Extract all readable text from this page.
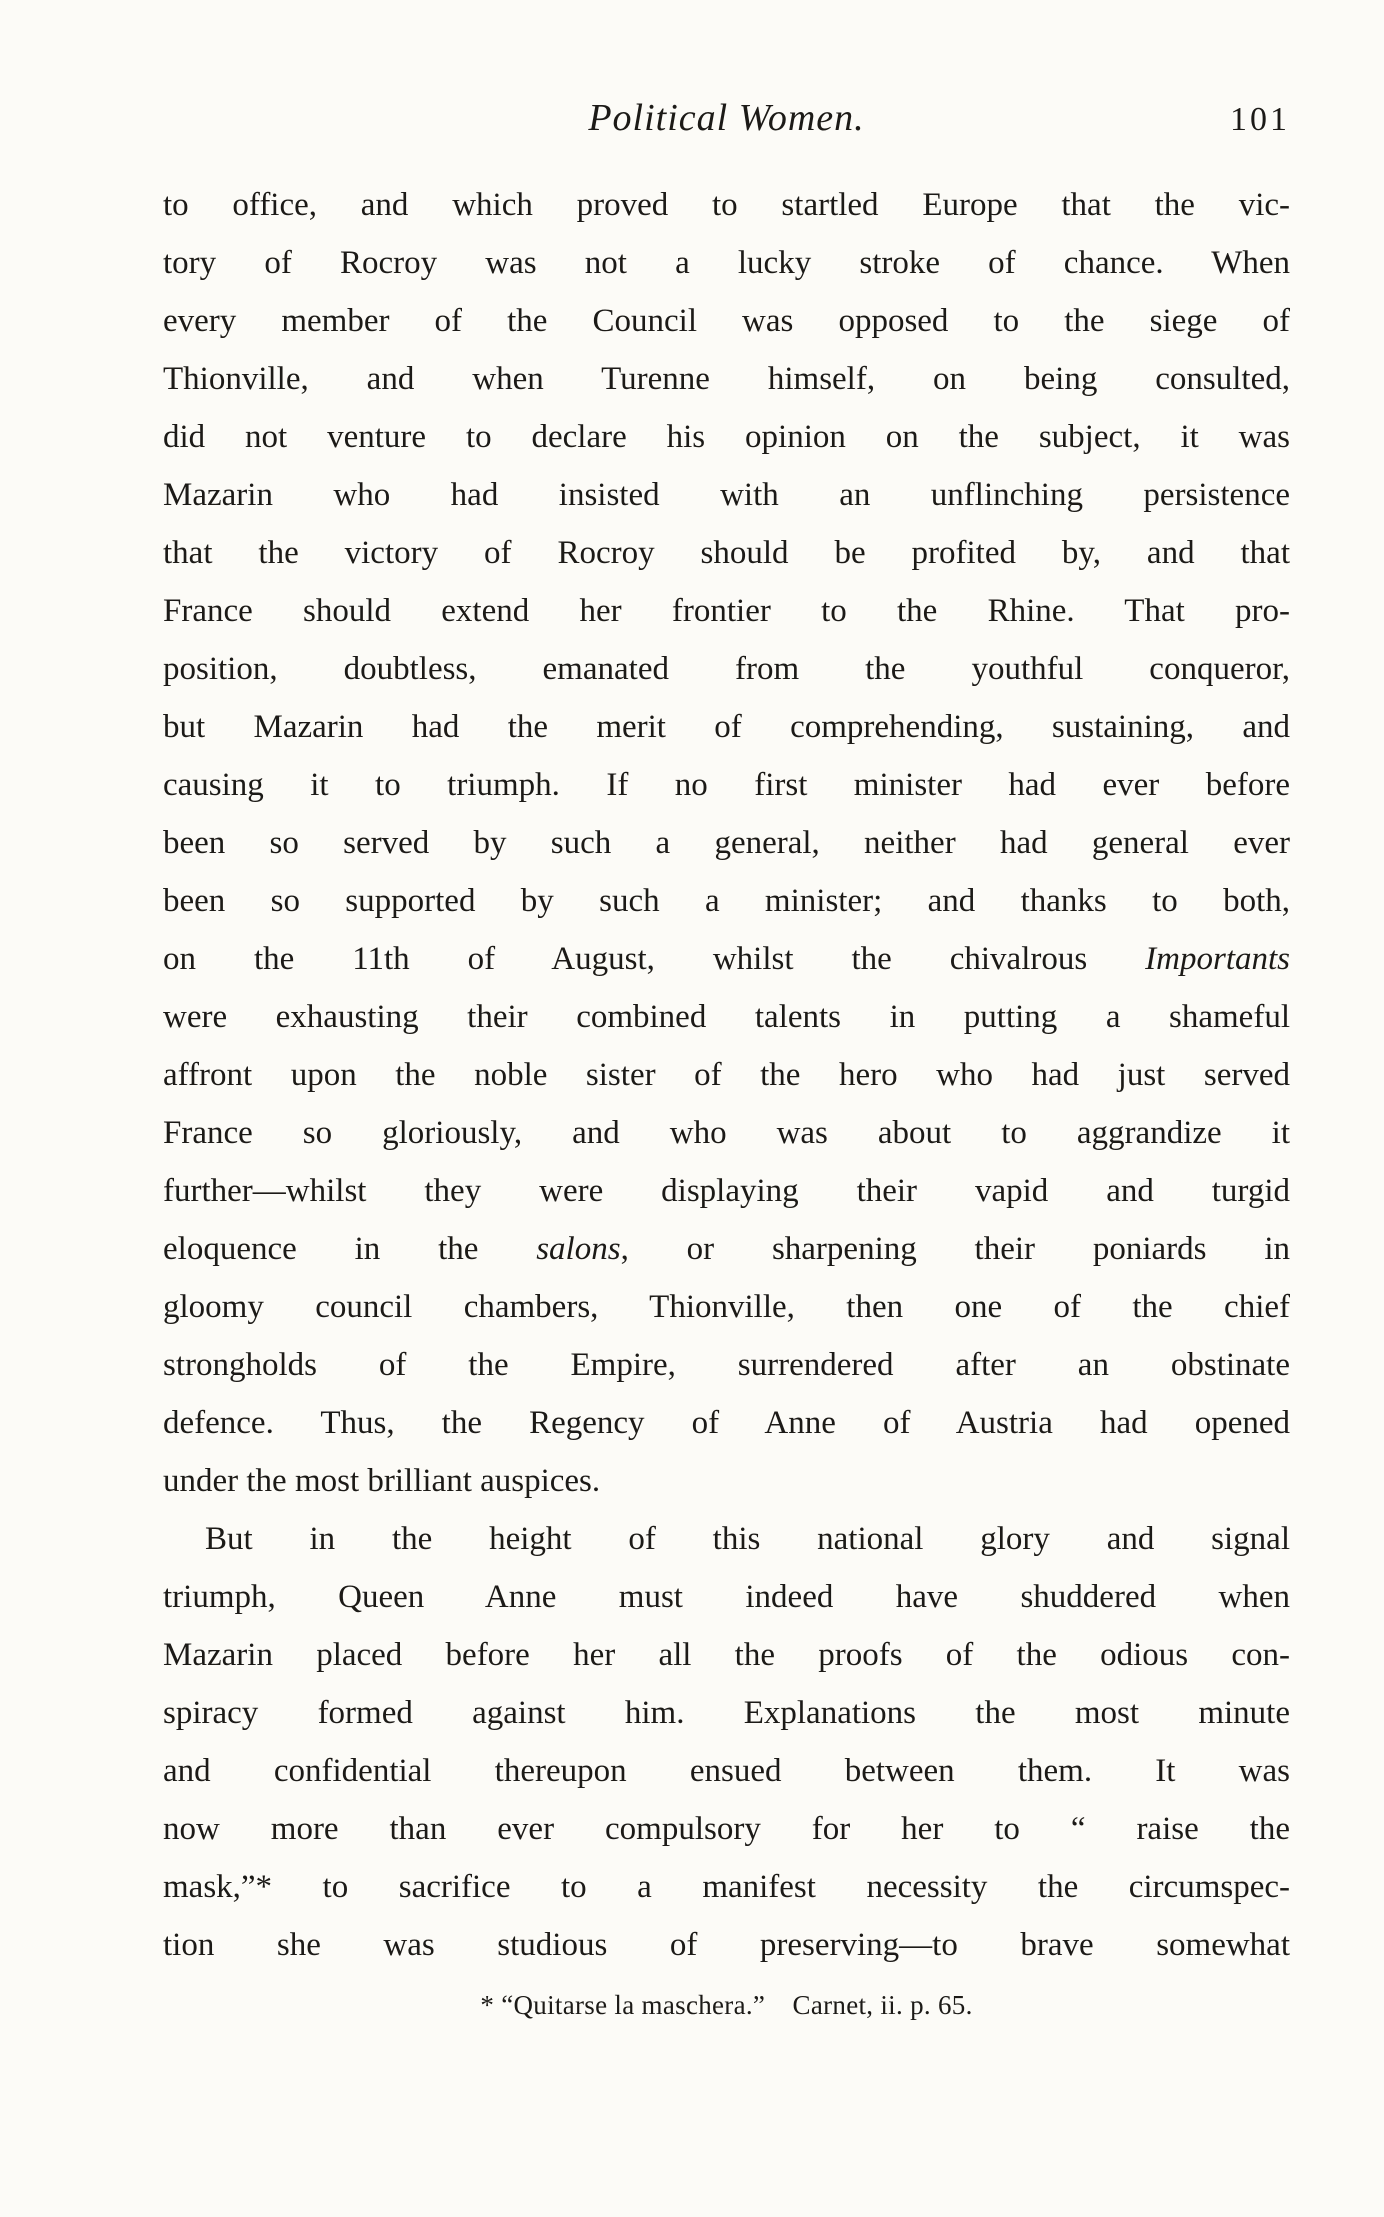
Political Women.	101
to office, and which proved to startled Europe that the vic-
tory of Rocroy was not a lucky stroke of chance. When
every member of the Council was opposed to the siege of
Thionville, and when Turenne himself, on being consulted,
did not venture to declare his opinion on the subject, it was
Mazarin who had insisted with an unflinching persistence
that the victory of Rocroy should be profited by, and that
France should extend her frontier to the Rhine. That pro-
position, doubtless, emanated from the youthful conqueror,
but Mazarin had the merit of comprehending, sustaining, and
causing it to triumph. If no first minister had ever before
been so served by such a general, neither had general ever
been so supported by such a minister; and thanks to both,
on the 11th of August, whilst the chivalrous Importants
were exhausting their combined talents in putting a shameful
affront upon the noble sister of the hero who had just served
France so gloriously, and who was about to aggrandize it
further—whilst they were displaying their vapid and turgid
eloquence in the salons, or sharpening their poniards in
gloomy council chambers, Thionville, then one of the chief
strongholds of the Empire, surrendered after an obstinate
defence. Thus, the Regency of Anne of Austria had opened
under the most brilliant auspices.
But in the height of this national glory and signal
triumph, Queen Anne must indeed have shuddered when
Mazarin placed before her all the proofs of the odious con-
spiracy formed against him. Explanations the most minute
and confidential thereupon ensued between them. It was
now more than ever compulsory for her to “ raise the
mask,”* to sacrifice to a manifest necessity the circumspec-
tion she was studious of preserving—to brave somewhat
* “Quitarse la maschera.” Carnet, ii. p. 65.
